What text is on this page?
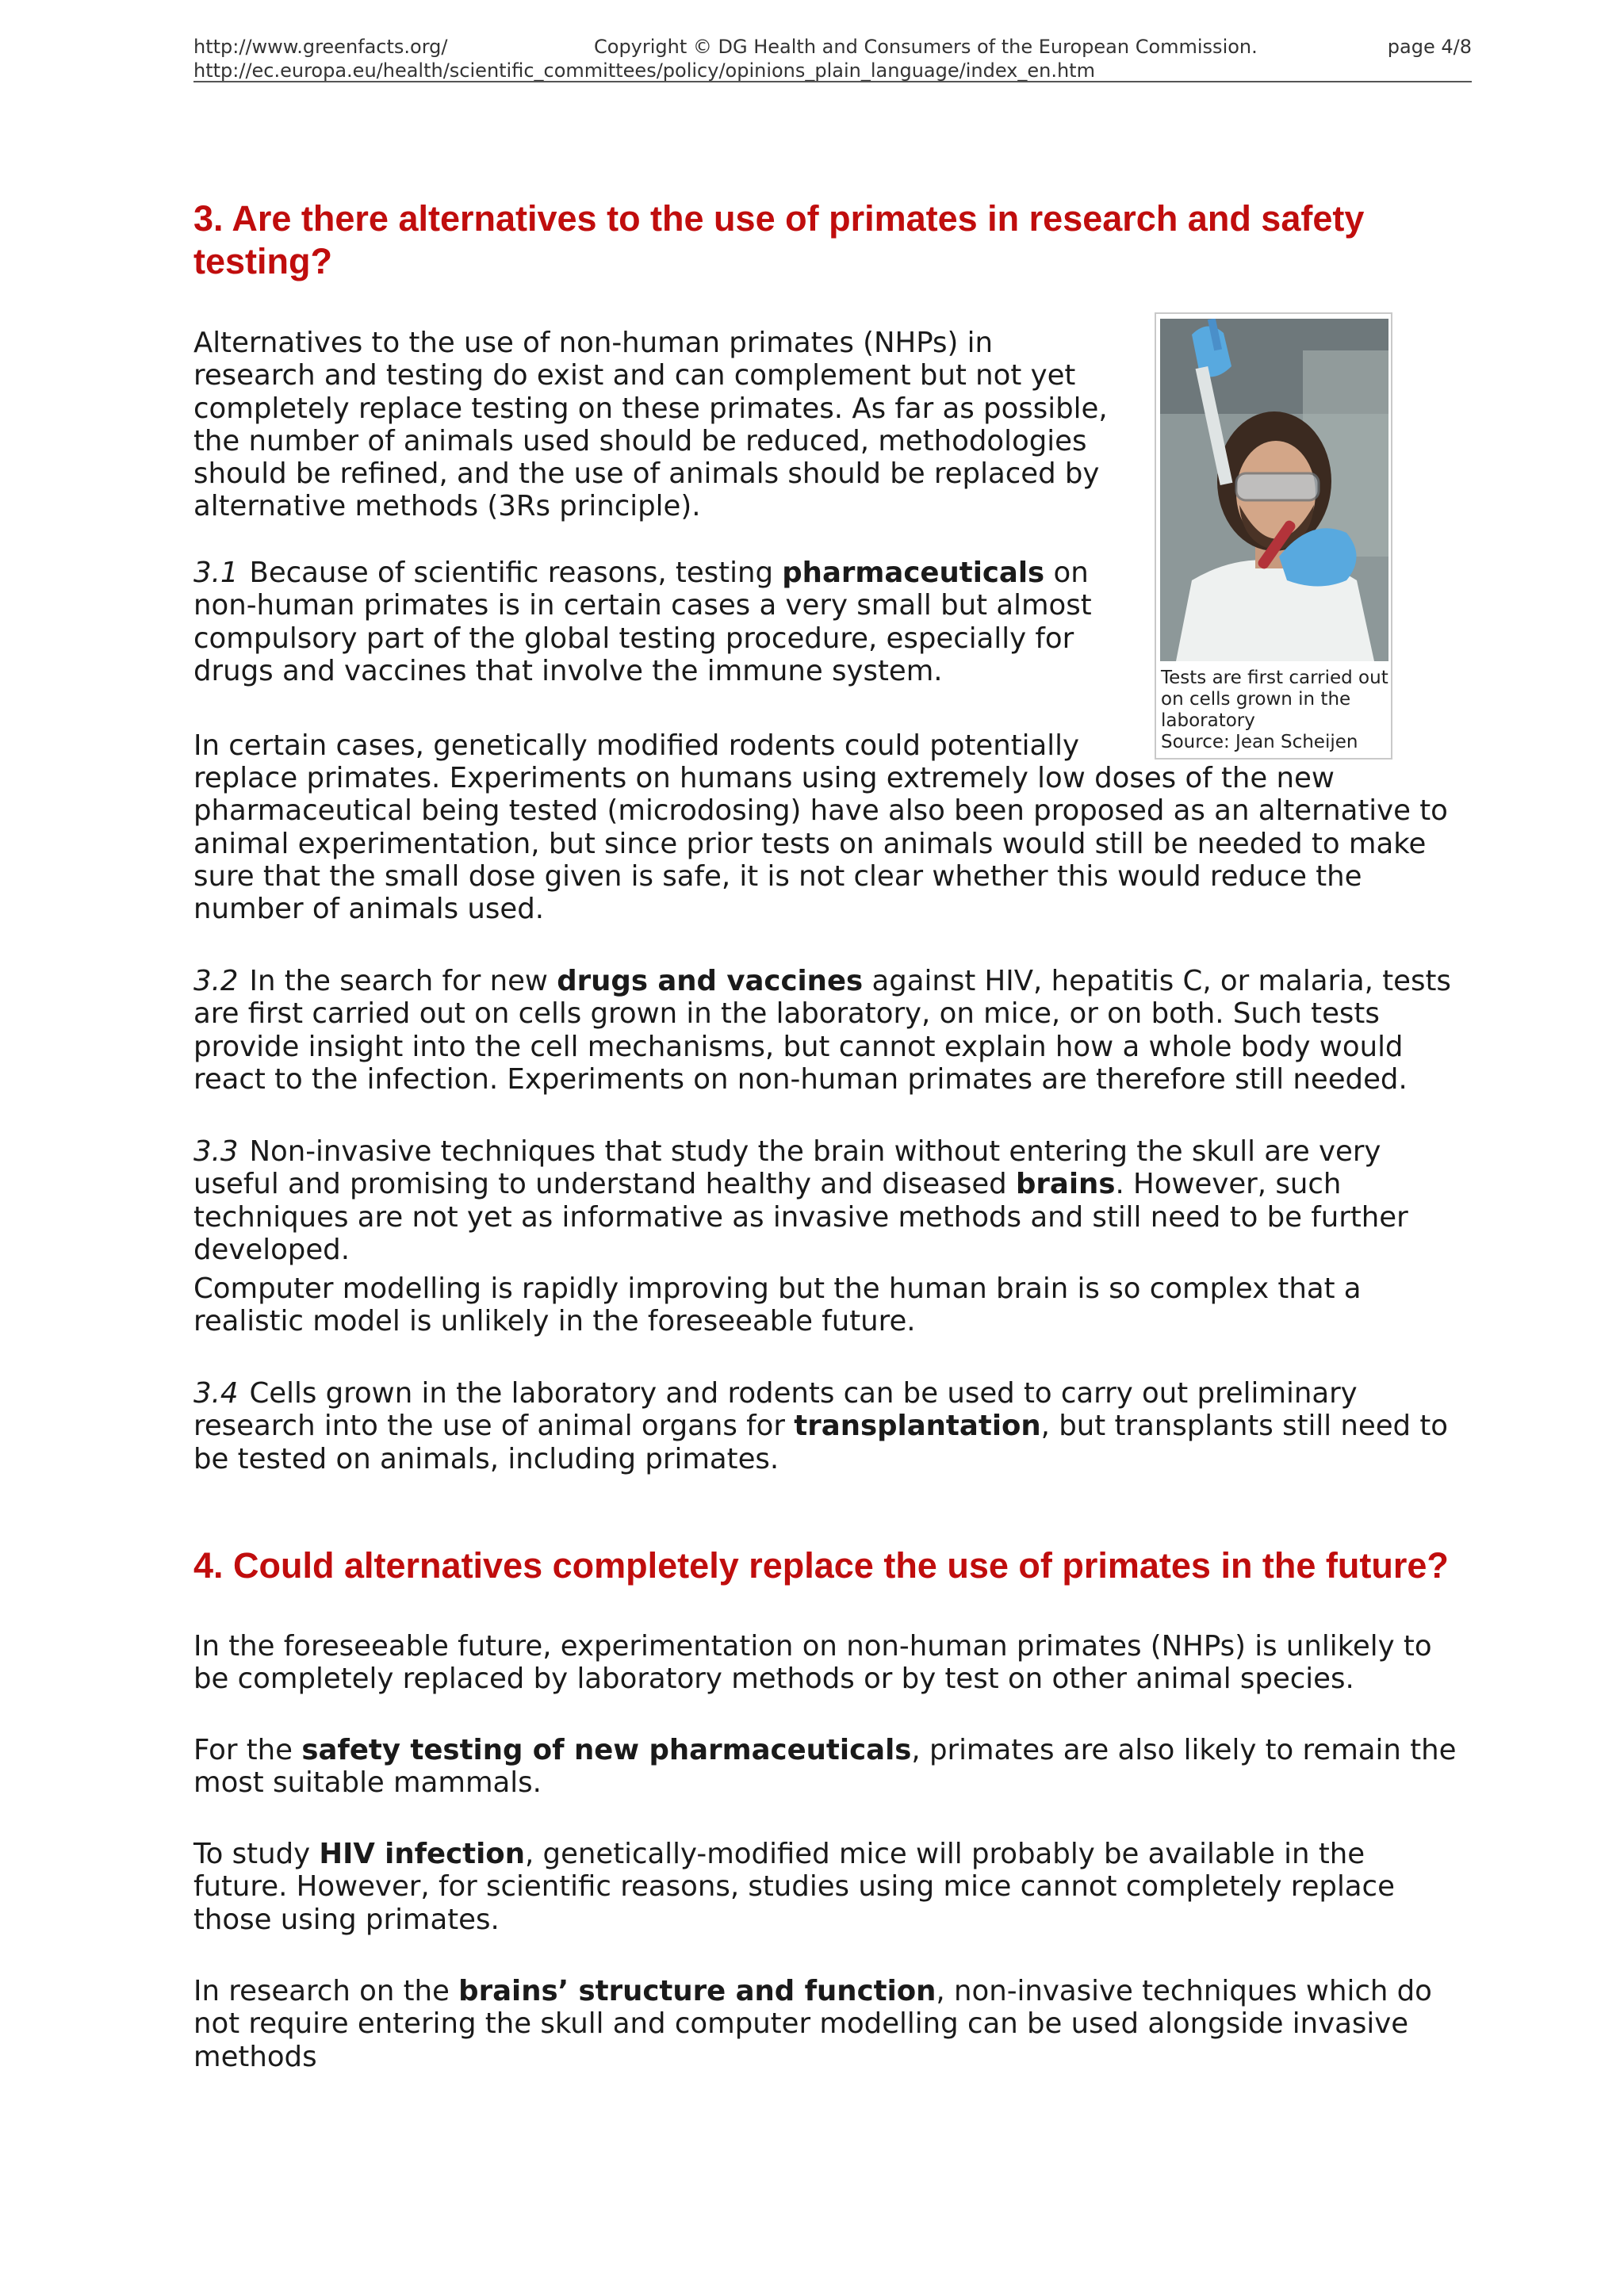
http://www.greenfacts.org/	Copyright © DG Health and Consumers of the European Commission.	page 4/8
http://ec.europa.eu/health/scientific_committees/policy/opinions_plain_language/index_en.htm
3. Are there alternatives to the use of primates in research and safety testing?

Alternatives to the use of non-human primates (NHPs) in research and testing do exist and can complement but not yet completely replace testing on these primates. As far as possible, the number of animals used should be reduced, methodologies should be refined, and the use of animals should be replaced by alternative methods (3Rs principle).

3.1 Because of scientific reasons, testing pharmaceuticals on non-human primates is in certain cases a very small but almost compulsory part of the global testing procedure, especially for drugs and vaccines that involve the immune system.

In certain cases, genetically modified rodents could potentially

replace primates. Experiments on humans using extremely low doses of the new pharmaceutical being tested (microdosing) have also been proposed as an alternative to animal experimentation, but since prior tests on animals would still be needed to make sure that the small dose given is safe, it is not clear whether this would reduce the number of animals used.

3.2 In the search for new drugs and vaccines against HIV, hepatitis C, or malaria, tests are first carried out on cells grown in the laboratory, on mice, or on both. Such tests provide insight into the cell mechanisms, but cannot explain how a whole body would react to the infection. Experiments on non-human primates are therefore still needed.

3.3 Non-invasive techniques that study the brain without entering the skull are very useful and promising to understand healthy and diseased brains. However, such techniques are not yet as informative as invasive methods and still need to be further developed.

Computer modelling is rapidly improving but the human brain is so complex that a realistic model is unlikely in the foreseeable future.

3.4 Cells grown in the laboratory and rodents can be used to carry out preliminary research into the use of animal organs for transplantation, but transplants still need to be tested on animals, including primates.

4. Could alternatives completely replace the use of primates in the future?

In the foreseeable future, experimentation on non-human primates (NHPs) is unlikely to be completely replaced by laboratory methods or by test on other animal species.

For the safety testing of new pharmaceuticals, primates are also likely to remain the most suitable mammals.

To study HIV infection, genetically-modified mice will probably be available in the future. However, for scientific reasons, studies using mice cannot completely replace those using primates.

In research on the brains’ structure and function, non-invasive techniques which do not require entering the skull and computer modelling can be used alongside invasive methods

Tests are first carried out
on cells grown in the
laboratory
Source: Jean Scheijen
